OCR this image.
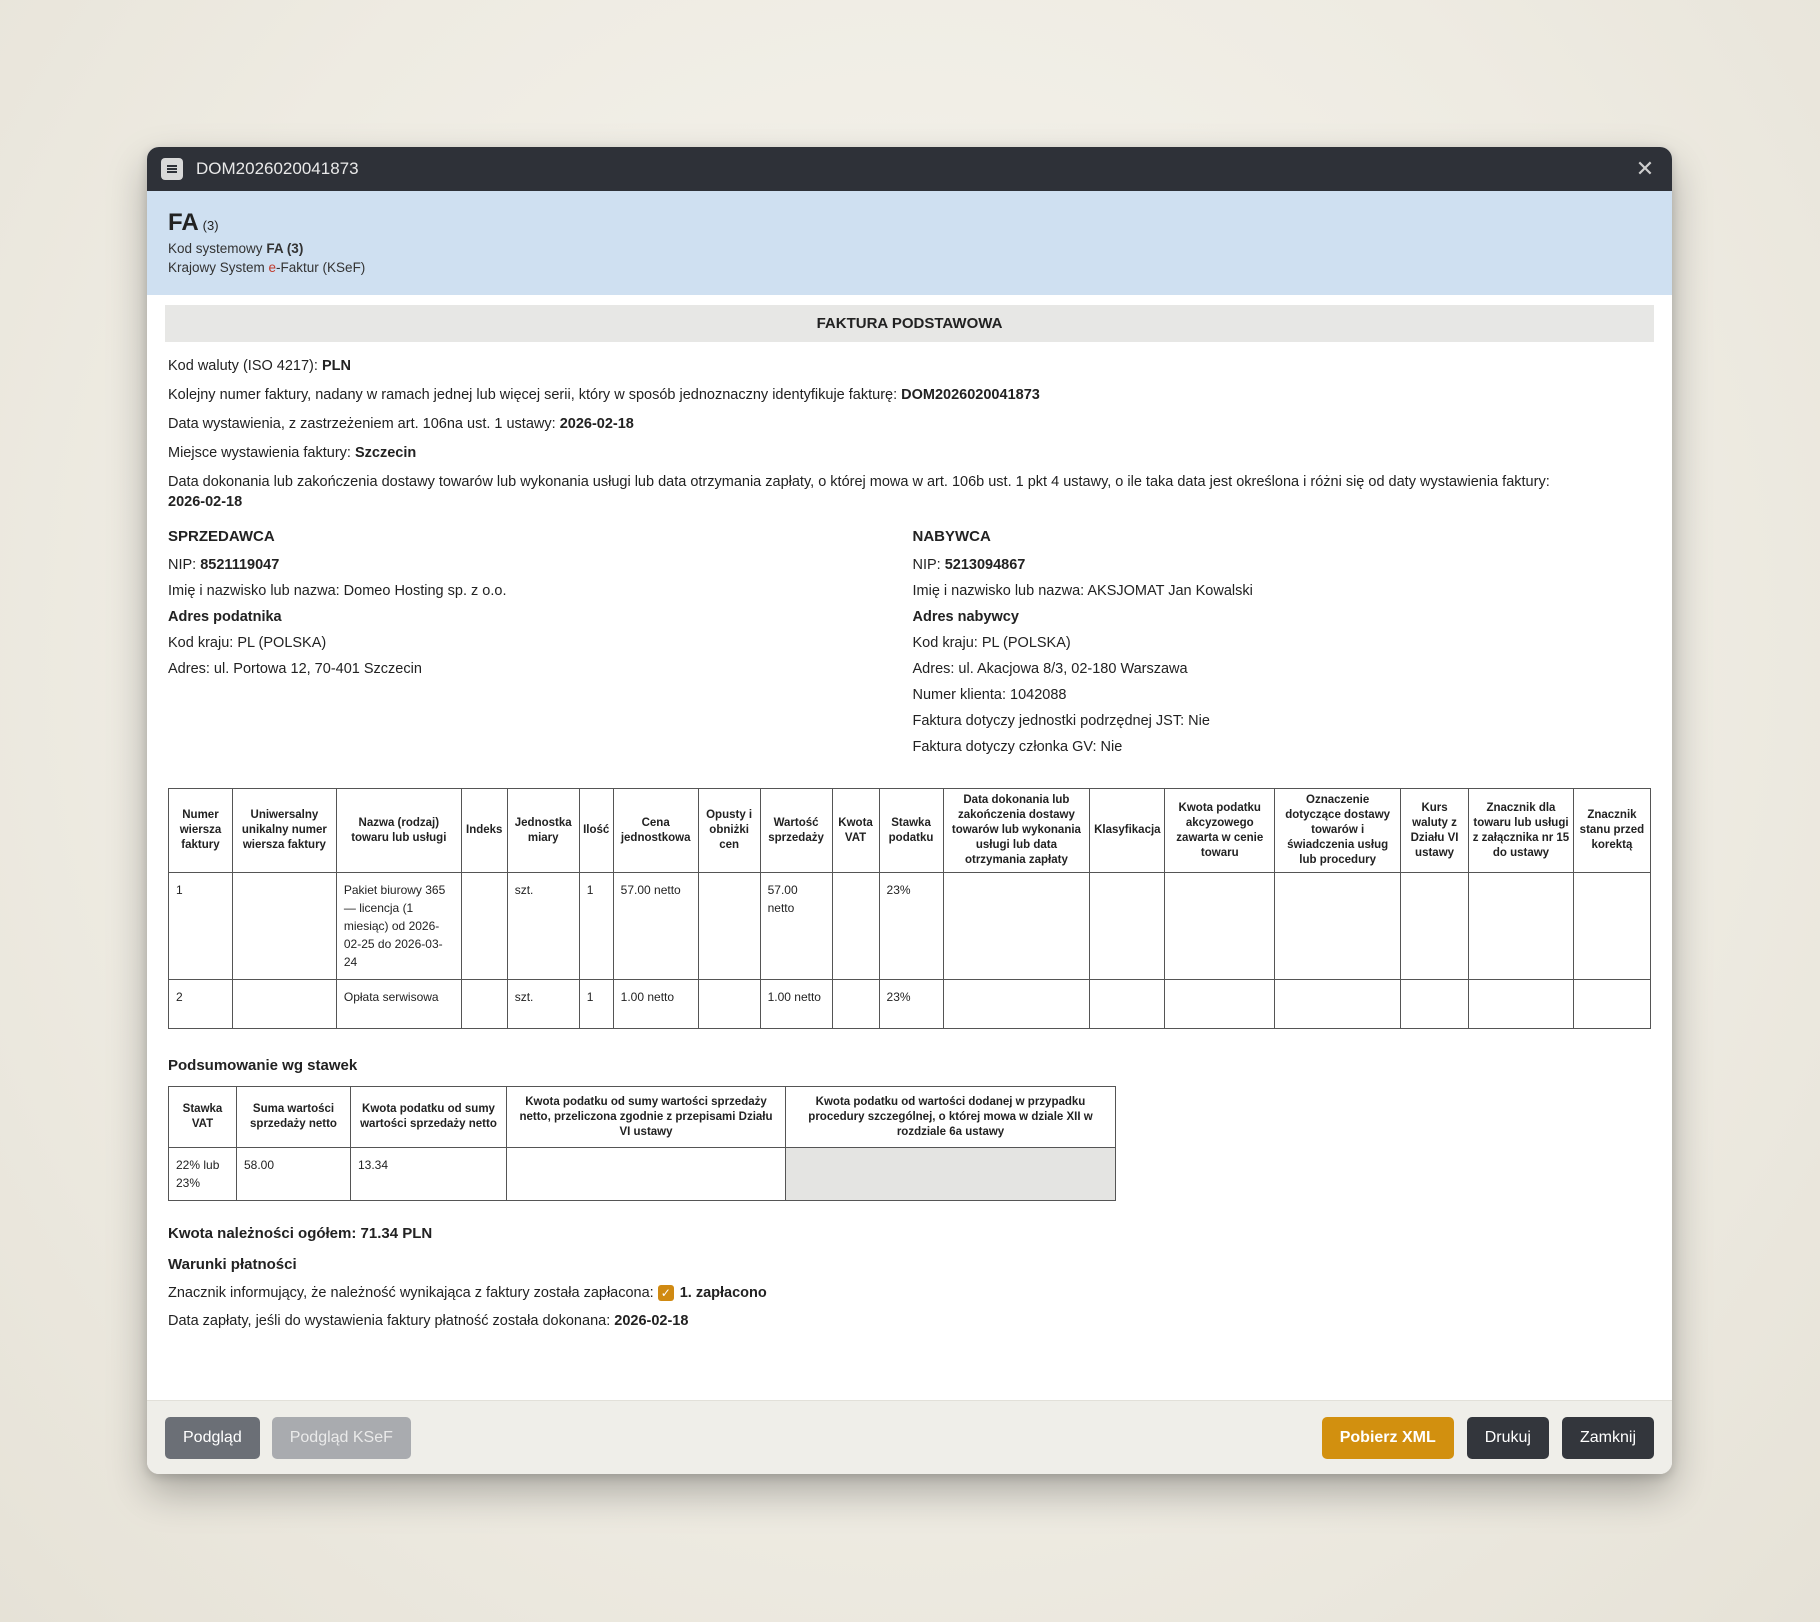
DOM2026020041873	✕
FA (3)
Kod systemowy FA (3)
Krajowy System e-Faktur (KSeF)
FAKTURA PODSTAWOWA

Kod waluty (ISO 4217): PLN

Kolejny numer faktury, nadany w ramach jednej lub więcej serii, który w sposób jednoznaczny identyfikuje fakturę: DOM2026020041873

Data wystawienia, z zastrzeżeniem art. 106na ust. 1 ustawy: 2026-02-18

Miejsce wystawienia faktury: Szczecin

Data dokonania lub zakończenia dostawy towarów lub wykonania usługi lub data otrzymania zapłaty, o której mowa w art. 106b ust. 1 pkt 4 ustawy, o ile taka data jest określona i różni się od daty wystawienia faktury:
2026-02-18

SPRZEDAWCA

NIP: 8521119047

Imię i nazwisko lub nazwa: Domeo Hosting sp. z o.o.

Adres podatnika

Kod kraju: PL (POLSKA)

Adres: ul. Portowa 12, 70-401 Szczecin

NABYWCA

NIP: 5213094867

Imię i nazwisko lub nazwa: AKSJOMAT Jan Kowalski

Adres nabywcy

Kod kraju: PL (POLSKA)

Adres: ul. Akacjowa 8/3, 02-180 Warszawa

Numer klienta: 1042088

Faktura dotyczy jednostki podrzędnej JST: Nie

Faktura dotyczy członka GV: Nie

Numer wiersza faktury	Uniwersalny unikalny numer wiersza faktury	Nazwa (rodzaj) towaru lub usługi	Indeks	Jednostka miary	Ilość	Cena jednostkowa	Opusty i obniżki cen	Wartość sprzedaży	Kwota VAT	Stawka podatku	Data dokonania lub zakończenia dostawy towarów lub wykonania usługi lub data otrzymania zapłaty	Klasyfikacja	Kwota podatku akcyzowego zawarta w cenie towaru	Oznaczenie dotyczące dostawy towarów i świadczenia usług lub procedury	Kurs waluty z Działu VI ustawy	Znacznik dla towaru lub usługi z załącznika nr 15 do ustawy	Znacznik stanu przed korektą
1		Pakiet biurowy 365 — licencja (1 miesiąc) od 2026-02-25 do 2026-03-24		szt.	1	57.00 netto		57.00 netto		23%							
2		Opłata serwisowa		szt.	1	1.00 netto		1.00 netto		23%							
Podsumowanie wg stawek
Stawka VAT	Suma wartości sprzedaży netto	Kwota podatku od sumy wartości sprzedaży netto	Kwota podatku od sumy wartości sprzedaży netto, przeliczona zgodnie z przepisami Działu VI ustawy	Kwota podatku od wartości dodanej w przypadku procedury szczególnej, o której mowa w dziale XII w rozdziale 6a ustawy
22% lub 23%	58.00	13.34		
Kwota należności ogółem: 71.34 PLN
Warunki płatności
Znacznik informujący, że należność wynikająca z faktury została zapłacona: ✓ 1. zapłacono
Data zapłaty, jeśli do wystawienia faktury płatność została dokonana:
2026-02-18
Podgląd	Podgląd KSeF	Pobierz XML	Drukuj	Zamknij
